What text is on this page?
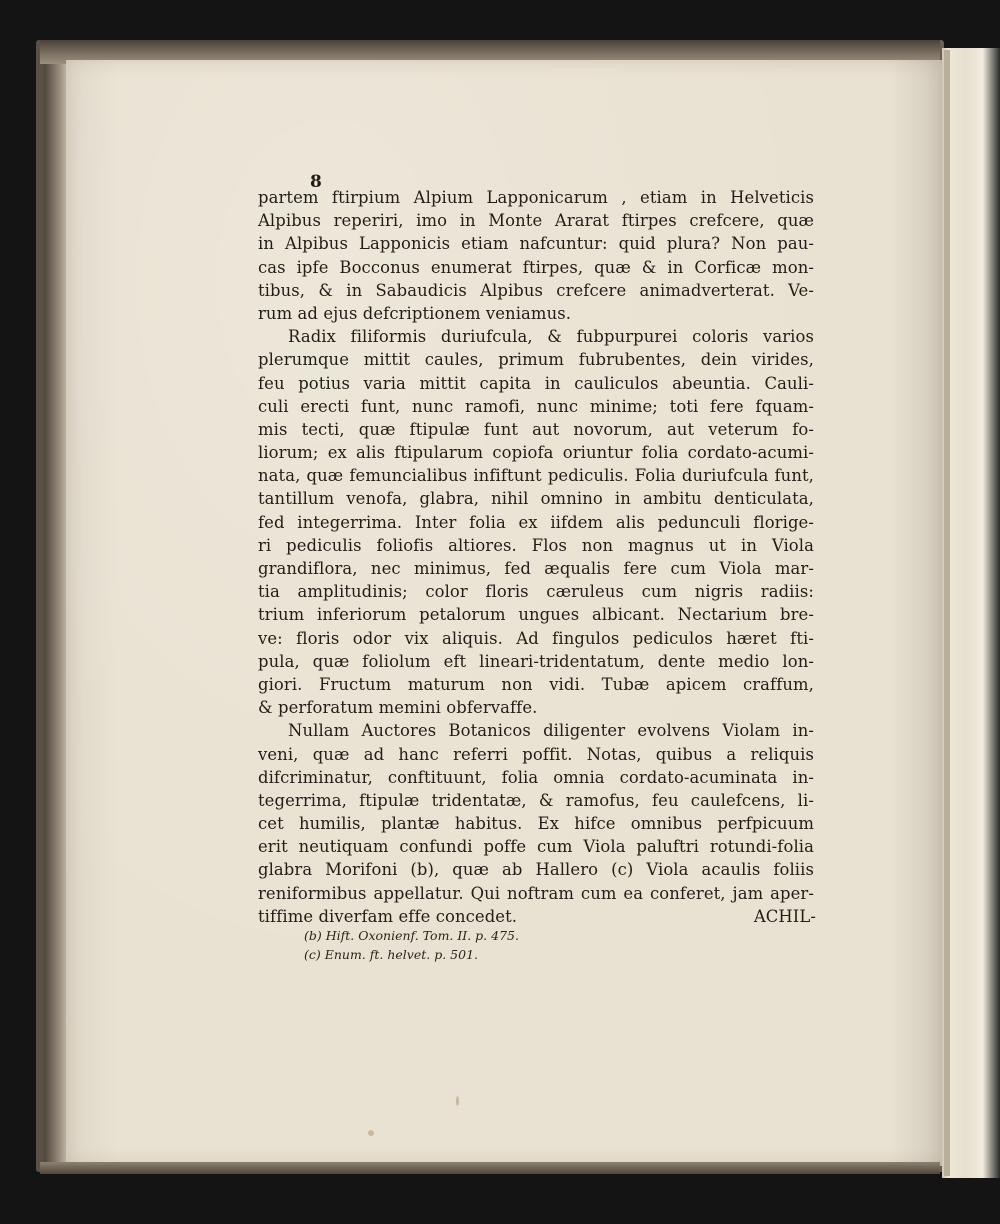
8
partem ftirpium Alpium Lapponicarum , etiam in Helveticis
Alpibus reperiri, imo in Monte Ararat ftirpes crefcere, quæ
in Alpibus Lapponicis etiam nafcuntur: quid plura? Non pau-
cas ipfe Bocconus enumerat ftirpes, quæ & in Corficæ mon-
tibus, & in Sabaudicis Alpibus crefcere animadverterat. Ve-
rum ad ejus defcriptionem veniamus.
Radix filiformis duriufcula, & fubpurpurei coloris varios
plerumque mittit caules, primum fubrubentes, dein virides,
feu potius varia mittit capita in cauliculos abeuntia. Cauli-
culi erecti funt, nunc ramofi, nunc minime; toti fere fquam-
mis tecti, quæ ftipulæ funt aut novorum, aut veterum fo-
liorum; ex alis ftipularum copiofa oriuntur folia cordato-acumi-
nata, quæ femuncialibus infiftunt pediculis. Folia duriufcula funt,
tantillum venofa, glabra, nihil omnino in ambitu denticulata,
fed integerrima. Inter folia ex iifdem alis pedunculi florige-
ri pediculis foliofis altiores. Flos non magnus ut in Viola
grandiflora, nec minimus, fed æqualis fere cum Viola mar-
tia amplitudinis; color floris cæruleus cum nigris radiis:
trium inferiorum petalorum ungues albicant. Nectarium bre-
ve: floris odor vix aliquis. Ad fingulos pediculos hæret fti-
pula, quæ foliolum eft lineari-tridentatum, dente medio lon-
giori. Fructum maturum non vidi. Tubæ apicem craffum,
& perforatum memini obfervaffe.
Nullam Auctores Botanicos diligenter evolvens Violam in-
veni, quæ ad hanc referri poffit. Notas, quibus a reliquis
difcriminatur, conftituunt, folia omnia cordato-acuminata in-
tegerrima, ftipulæ tridentatæ, & ramofus, feu caulefcens, li-
cet humilis, plantæ habitus. Ex hifce omnibus perfpicuum
erit neutiquam confundi poffe cum Viola paluftri rotundi-folia
glabra Morifoni (b), quæ ab Hallero (c) Viola acaulis foliis
reniformibus appellatur. Qui noftram cum ea conferet, jam aper-
tiffime diverfam effe concedet.	ACHIL-
(b) Hift. Oxonienf. Tom. II. p. 475.
(c) Enum. ft. helvet. p. 501.
